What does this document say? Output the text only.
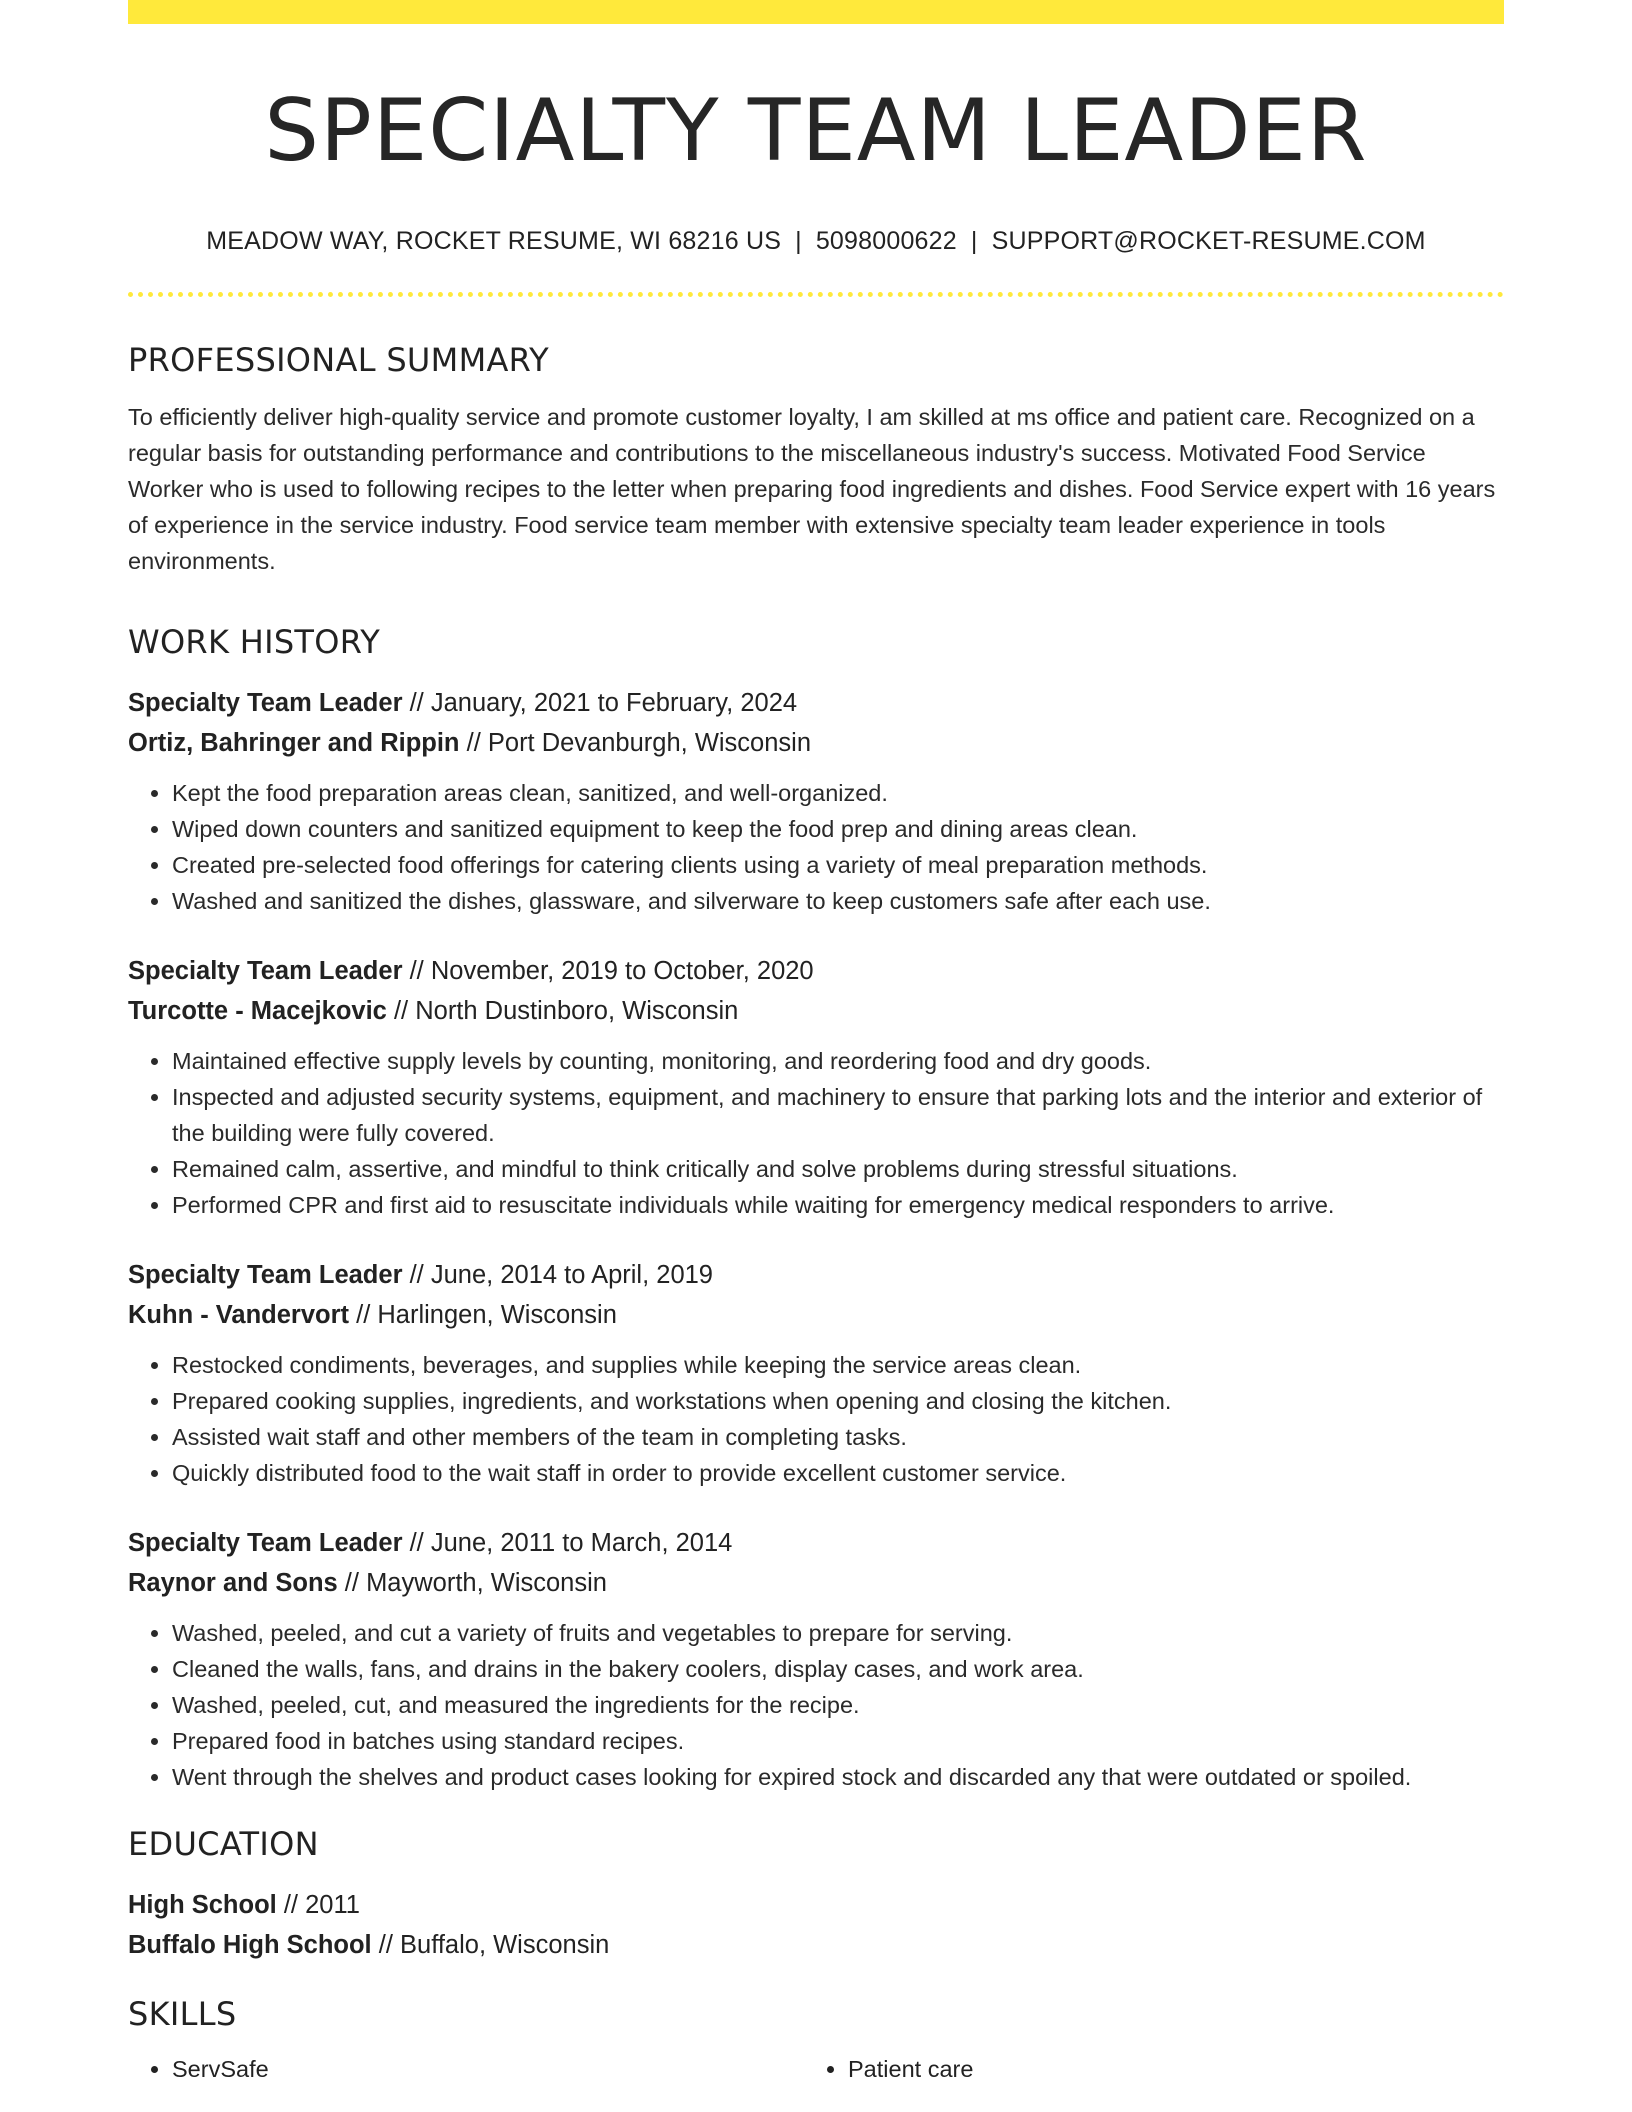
SPECIALTY TEAM LEADER
MEADOW WAY, ROCKET RESUME, WI 68216 US | 5098000622 | SUPPORT@ROCKET-RESUME.COM
PROFESSIONAL SUMMARY
To efficiently deliver high-quality service and promote customer loyalty, I am skilled at ms office and patient care. Recognized on a regular basis for outstanding performance and contributions to the miscellaneous industry's success. Motivated Food Service Worker who is used to following recipes to the letter when preparing food ingredients and dishes. Food Service expert with 16 years of experience in the service industry. Food service team member with extensive specialty team leader experience in tools environments.
WORK HISTORY
Specialty Team Leader // January, 2021 to February, 2024
Ortiz, Bahringer and Rippin // Port Devanburgh, Wisconsin
• Kept the food preparation areas clean, sanitized, and well-organized.
• Wiped down counters and sanitized equipment to keep the food prep and dining areas clean.
• Created pre-selected food offerings for catering clients using a variety of meal preparation methods.
• Washed and sanitized the dishes, glassware, and silverware to keep customers safe after each use.
Specialty Team Leader // November, 2019 to October, 2020
Turcotte - Macejkovic // North Dustinboro, Wisconsin
• Maintained effective supply levels by counting, monitoring, and reordering food and dry goods.
• Inspected and adjusted security systems, equipment, and machinery to ensure that parking lots and the interior and exterior of the building were fully covered.
• Remained calm, assertive, and mindful to think critically and solve problems during stressful situations.
• Performed CPR and first aid to resuscitate individuals while waiting for emergency medical responders to arrive.
Specialty Team Leader // June, 2014 to April, 2019
Kuhn - Vandervort // Harlingen, Wisconsin
• Restocked condiments, beverages, and supplies while keeping the service areas clean.
• Prepared cooking supplies, ingredients, and workstations when opening and closing the kitchen.
• Assisted wait staff and other members of the team in completing tasks.
• Quickly distributed food to the wait staff in order to provide excellent customer service.
Specialty Team Leader // June, 2011 to March, 2014
Raynor and Sons // Mayworth, Wisconsin
• Washed, peeled, and cut a variety of fruits and vegetables to prepare for serving.
• Cleaned the walls, fans, and drains in the bakery coolers, display cases, and work area.
• Washed, peeled, cut, and measured the ingredients for the recipe.
• Prepared food in batches using standard recipes.
• Went through the shelves and product cases looking for expired stock and discarded any that were outdated or spoiled.
EDUCATION
High School // 2011
Buffalo High School // Buffalo, Wisconsin
SKILLS
• ServSafe
•	Patient care
